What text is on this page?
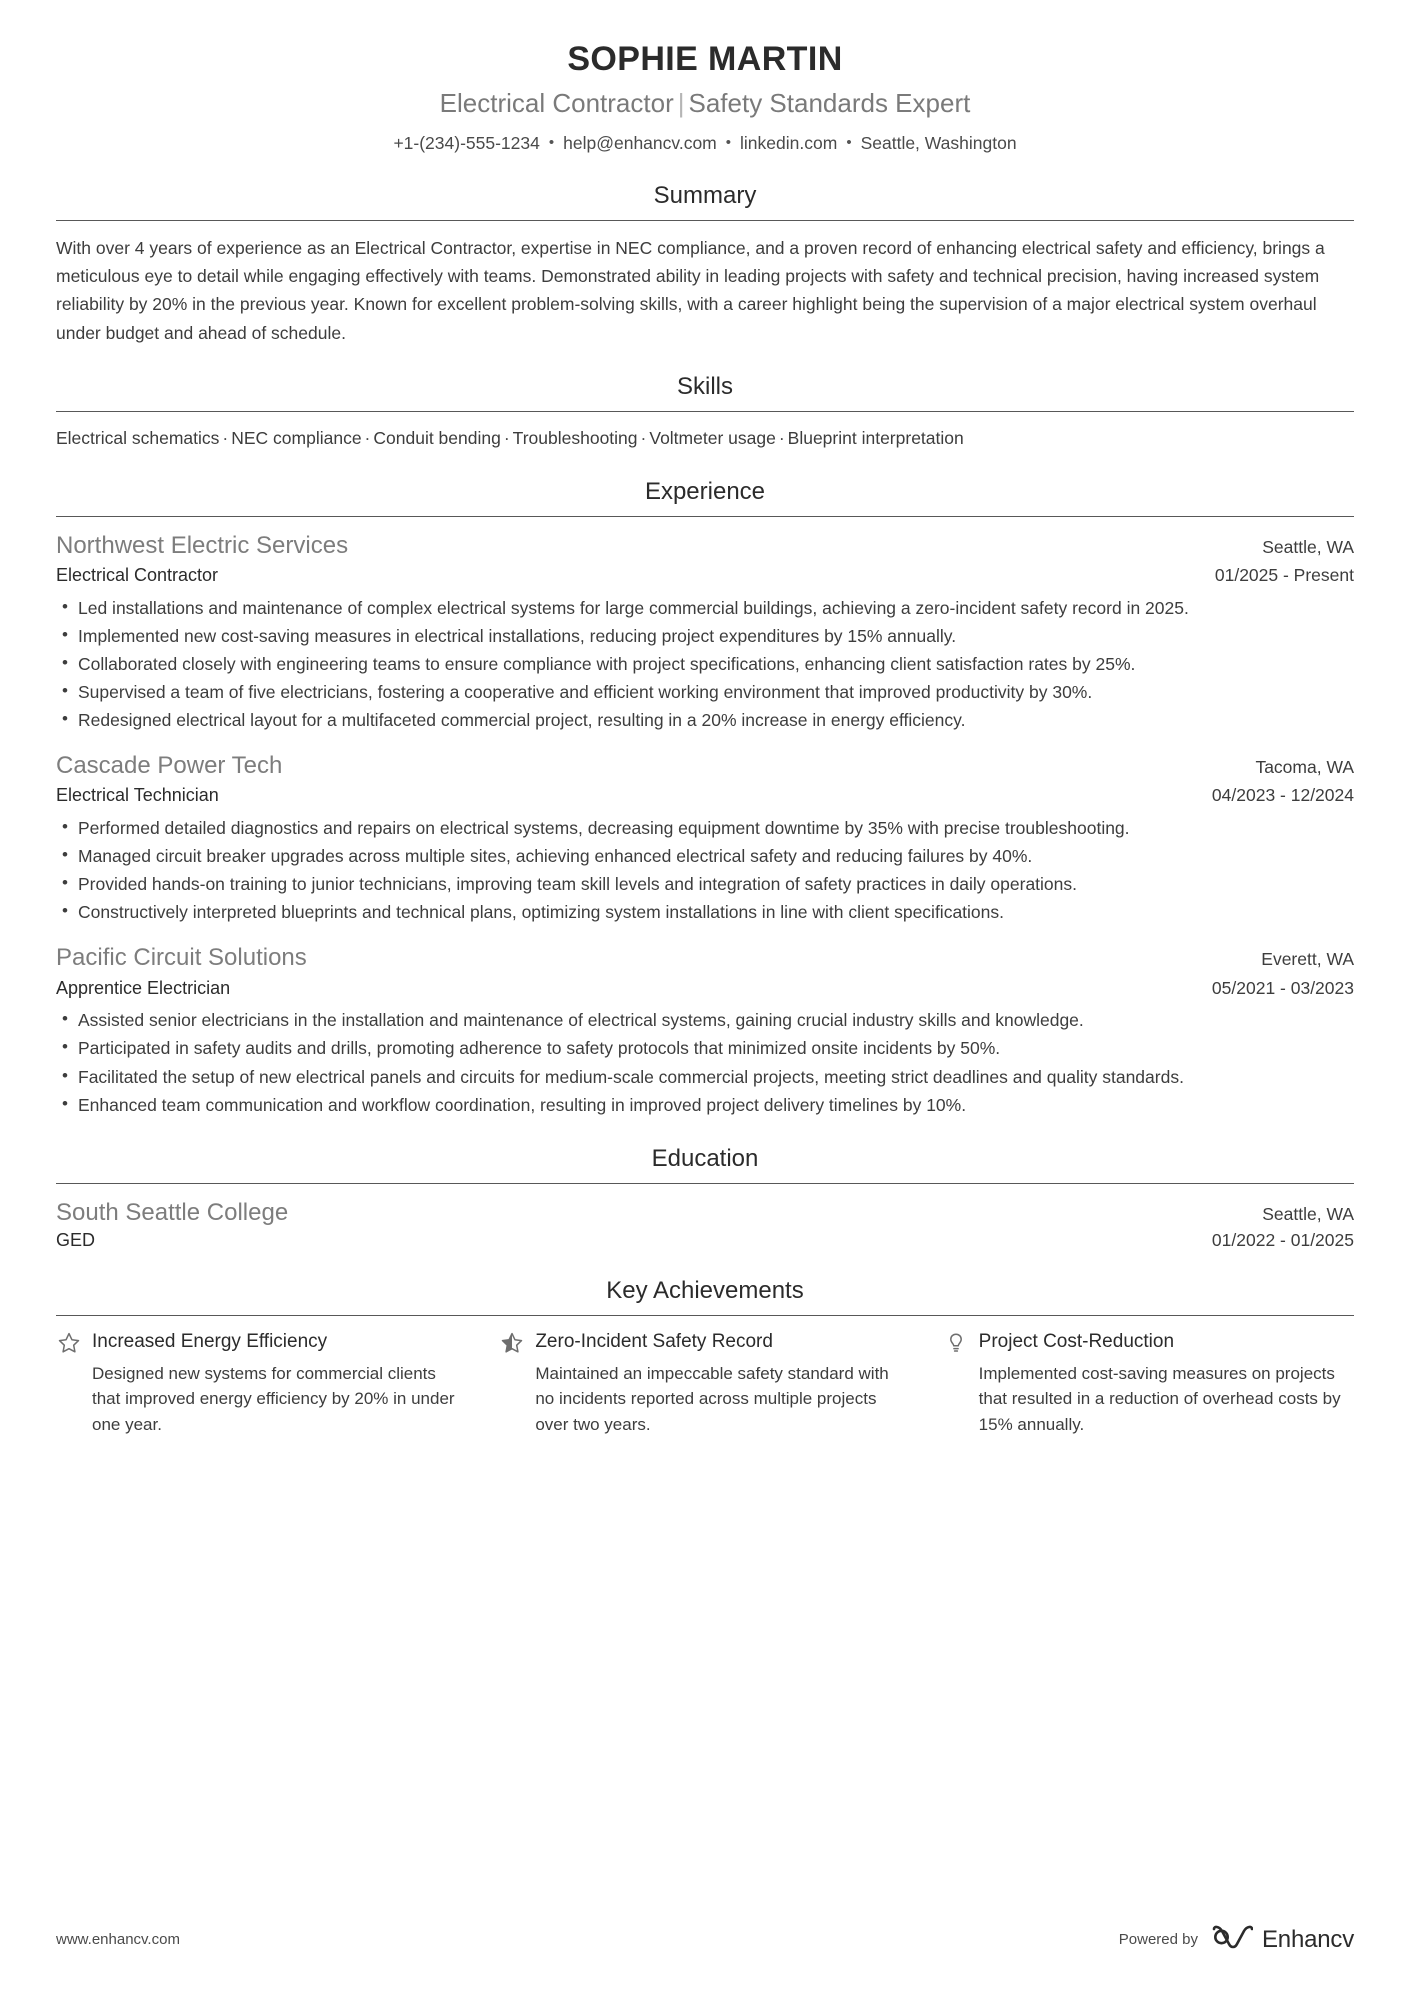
SOPHIE MARTIN
Electrical Contractor | Safety Standards Expert
+1-(234)-555-1234 • help@enhancv.com • linkedin.com • Seattle, Washington
Summary
With over 4 years of experience as an Electrical Contractor, expertise in NEC compliance, and a proven record of enhancing electrical safety and efficiency, brings a meticulous eye to detail while engaging effectively with teams. Demonstrated ability in leading projects with safety and technical precision, having increased system reliability by 20% in the previous year. Known for excellent problem-solving skills, with a career highlight being the supervision of a major electrical system overhaul under budget and ahead of schedule.
Skills
Electrical schematics · NEC compliance · Conduit bending · Troubleshooting · Voltmeter usage · Blueprint interpretation
Experience
Northwest Electric Services	Seattle, WA
Electrical Contractor	01/2025 - Present
• Led installations and maintenance of complex electrical systems for large commercial buildings, achieving a zero-incident safety record in 2025.
• Implemented new cost-saving measures in electrical installations, reducing project expenditures by 15% annually.
• Collaborated closely with engineering teams to ensure compliance with project specifications, enhancing client satisfaction rates by 25%.
• Supervised a team of five electricians, fostering a cooperative and efficient working environment that improved productivity by 30%.
• Redesigned electrical layout for a multifaceted commercial project, resulting in a 20% increase in energy efficiency.
Cascade Power Tech	Tacoma, WA
Electrical Technician	04/2023 - 12/2024
• Performed detailed diagnostics and repairs on electrical systems, decreasing equipment downtime by 35% with precise troubleshooting.
• Managed circuit breaker upgrades across multiple sites, achieving enhanced electrical safety and reducing failures by 40%.
• Provided hands-on training to junior technicians, improving team skill levels and integration of safety practices in daily operations.
• Constructively interpreted blueprints and technical plans, optimizing system installations in line with client specifications.
Pacific Circuit Solutions	Everett, WA
Apprentice Electrician	05/2021 - 03/2023
• Assisted senior electricians in the installation and maintenance of electrical systems, gaining crucial industry skills and knowledge.
• Participated in safety audits and drills, promoting adherence to safety protocols that minimized onsite incidents by 50%.
• Facilitated the setup of new electrical panels and circuits for medium-scale commercial projects, meeting strict deadlines and quality standards.
• Enhanced team communication and workflow coordination, resulting in improved project delivery timelines by 10%.
Education
South Seattle College	Seattle, WA
GED	01/2022 - 01/2025
Key Achievements
Increased Energy Efficiency
Designed new systems for commercial clients that improved energy efficiency by 20% in under one year.
Zero-Incident Safety Record
Maintained an impeccable safety standard with no incidents reported across multiple projects over two years.
Project Cost-Reduction
Implemented cost-saving measures on projects that resulted in a reduction of overhead costs by 15% annually.
www.enhancv.com	Powered by	Enhancv
